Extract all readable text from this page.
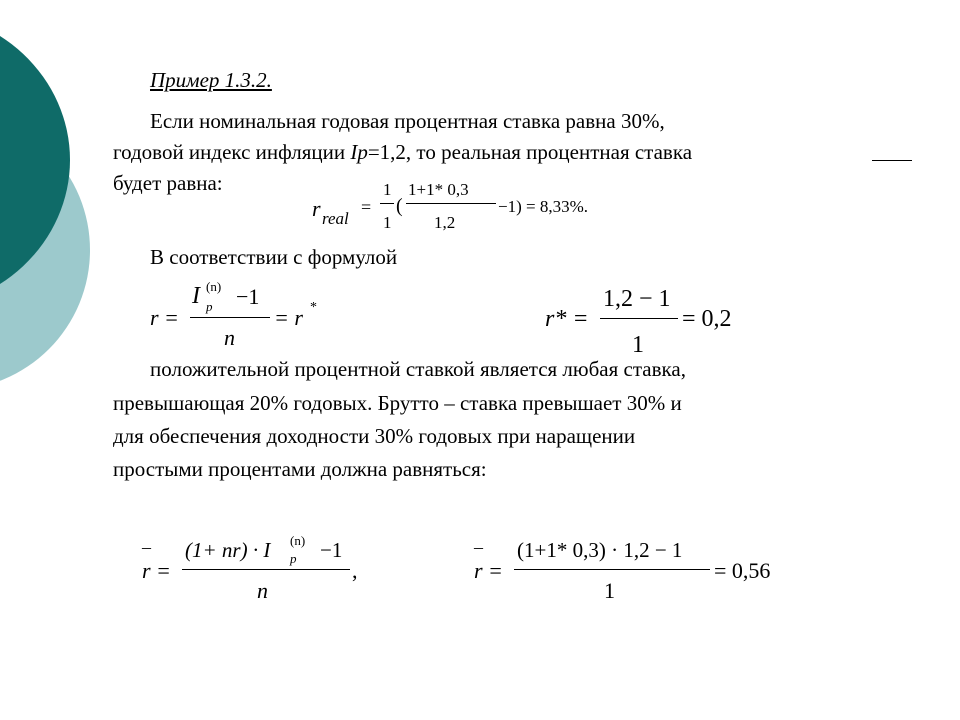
Пример 1.3.2.
Если номинальная годовая процентная ставка равна 30%,
годовой индекс инфляции Ip=1,2, то реальная процентная ставка
будет равна:
r real
=
1
1
(
1+1* 0,3
1,2
−1) = 8,33%.
В соответствии с формулой
r =
I (n)
p −1
n
= r *	r* =
1,2 − 1
1
= 0,2
положительной процентной ставкой является любая ставка,
превышающая 20% годовых. Брутто – ставка превышает 30% и
для обеспечения доходности 30% годовых при наращении
простыми процентами должна равняться:
–
r =
(1+ nr) · I (n)
p −1
n
,
–
r =
(1+1* 0,3) · 1,2 − 1
1
= 0,56
